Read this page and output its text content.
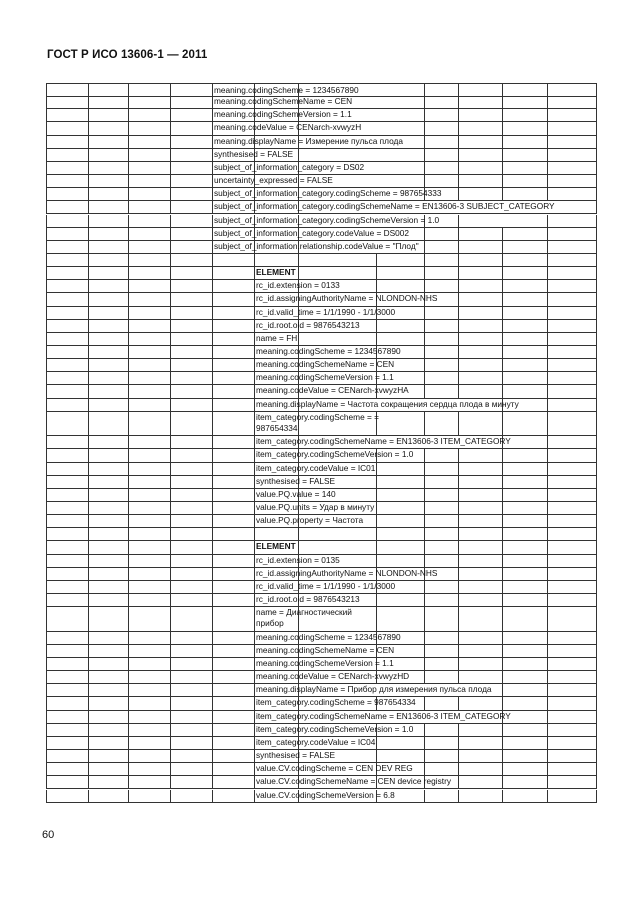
ГОСТ Р ИСО 13606-1 — 2011
meaning.codingScheme = 1234567890
meaning.codingSchemeName = CEN
meaning.codingSchemeVersion = 1.1
meaning.codeValue = CENarch-xvwyzH
meaning.displayName = Измерение пульса плода
synthesised = FALSE
subject_of_information_category = DS02
uncertainty_expressed = FALSE
subject_of_information_category.codingScheme = 987654333
subject_of_information_category.codingSchemeName = EN13606-3 SUBJECT_CATEGORY
subject_of_information_category.codingSchemeVersion = 1.0
subject_of_information_category.codeValue = DS002
subject_of_information.relationship.codeValue = "Плод"
ELEMENT
rc_id.extension = 0133
rc_id.assigningAuthorityName = NLONDON-NHS
rc_id.valid_time = 1/1/1990 - 1/1/3000
rc_id.root.oid = 9876543213
name = FH
meaning.codingScheme = 1234567890
meaning.codingSchemeName = CEN
meaning.codingSchemeVersion = 1.1
meaning.codeValue = CENarch-xvwyzHA
meaning.displayName = Частота сокращения сердца плода в минуту
item_category.codingScheme = = 987654334
item_category.codingSchemeName = EN13606-3 ITEM_CATEGORY
item_category.codingSchemeVersion = 1.0
item_category.codeValue = IC01
synthesised = FALSE
value.PQ.value = 140
value.PQ.units = Удар в минуту
value.PQ.property = Частота
ELEMENT
rc_id.extension = 0135
rc_id.assigningAuthorityName = NLONDON-NHS
rc_id.valid_time = 1/1/1990 - 1/1/3000
rc_id.root.oid = 9876543213
name = Диагностический прибор
meaning.codingScheme = 1234567890
meaning.codingSchemeName = CEN
meaning.codingSchemeVersion = 1.1
meaning.codeValue = CENarch-xvwyzHD
meaning.displayName = Прибор для измерения пульса плода
item_category.codingScheme = 987654334
item_category.codingSchemeName = EN13606-3 ITEM_CATEGORY
item_category.codingSchemeVersion = 1.0
item_category.codeValue = IC04
synthesised = FALSE
value.CV.codingScheme = CEN DEV REG
value.CV.codingSchemeName = CEN device registry
value.CV.codingSchemeVersion = 6.8
60
